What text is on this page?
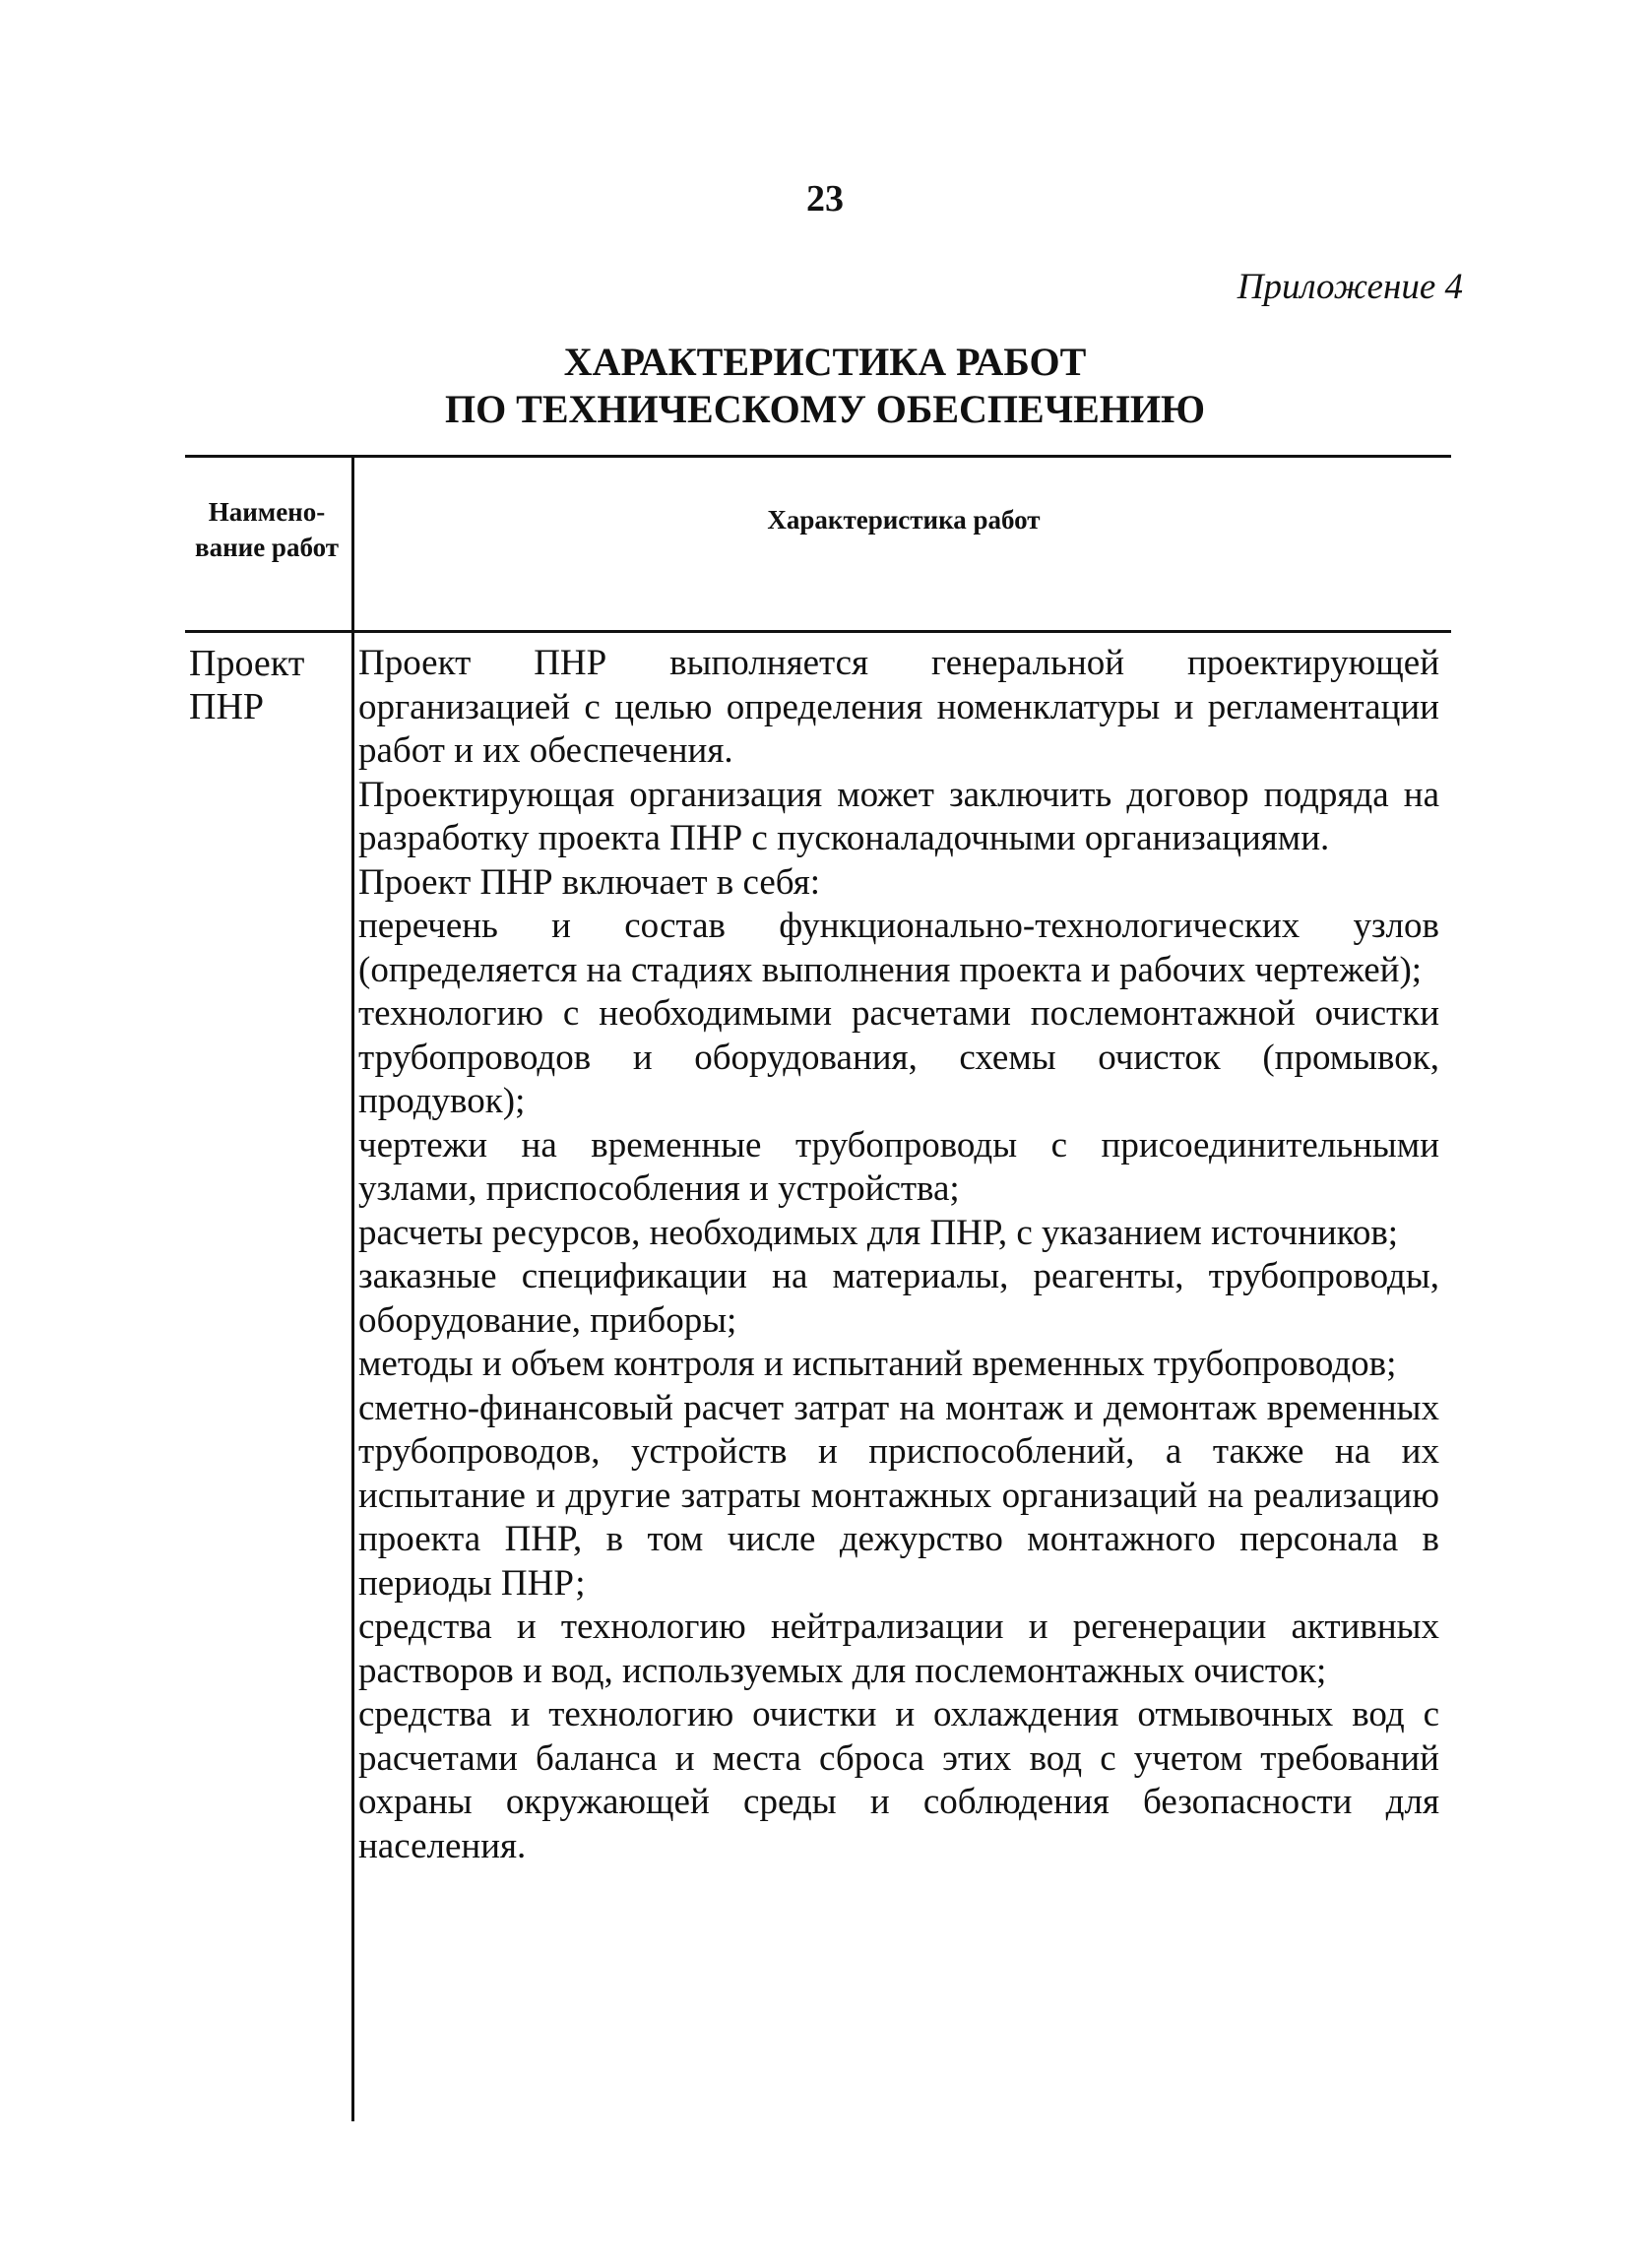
23
Приложение 4
ХАРАКТЕРИСТИКА РАБОТ
ПО ТЕХНИЧЕСКОМУ ОБЕСПЕЧЕНИЮ
Наимено-вание работ
Характеристика работ
Проект
ПНР

Проект ПНР выполняется генеральной проектирующей организацией с целью определения номенклатуры и регламентации работ и их обеспечения.

Проектирующая организация может заключить договор подряда на разработку проекта ПНР с пусконаладочными организациями.

Проект ПНР включает в себя:

перечень и состав функционально-технологических узлов (определяется на стадиях выполнения проекта и рабочих чертежей);

технологию с необходимыми расчетами послемонтажной очистки трубопроводов и оборудования, схемы очисток (промывок, продувок);

чертежи на временные трубопроводы с присоединительными узлами, приспособления и устройства;

расчеты ресурсов, необходимых для ПНР, с указанием источников;

заказные спецификации на материалы, реагенты, трубопроводы, оборудование, приборы;

методы и объем контроля и испытаний временных трубопроводов;

сметно-финансовый расчет затрат на монтаж и демонтаж временных трубопроводов, устройств и приспособлений, а также на их испытание и другие затраты монтажных организаций на реализацию проекта ПНР, в том числе дежурство монтажного персонала в периоды ПНР;

средства и технологию нейтрализации и регенерации активных растворов и вод, используемых для послемонтажных очисток;

средства и технологию очистки и охлаждения отмывочных вод с расчетами баланса и места сброса этих вод с учетом требований охраны окружающей среды и соблюдения безопасности для населения.
